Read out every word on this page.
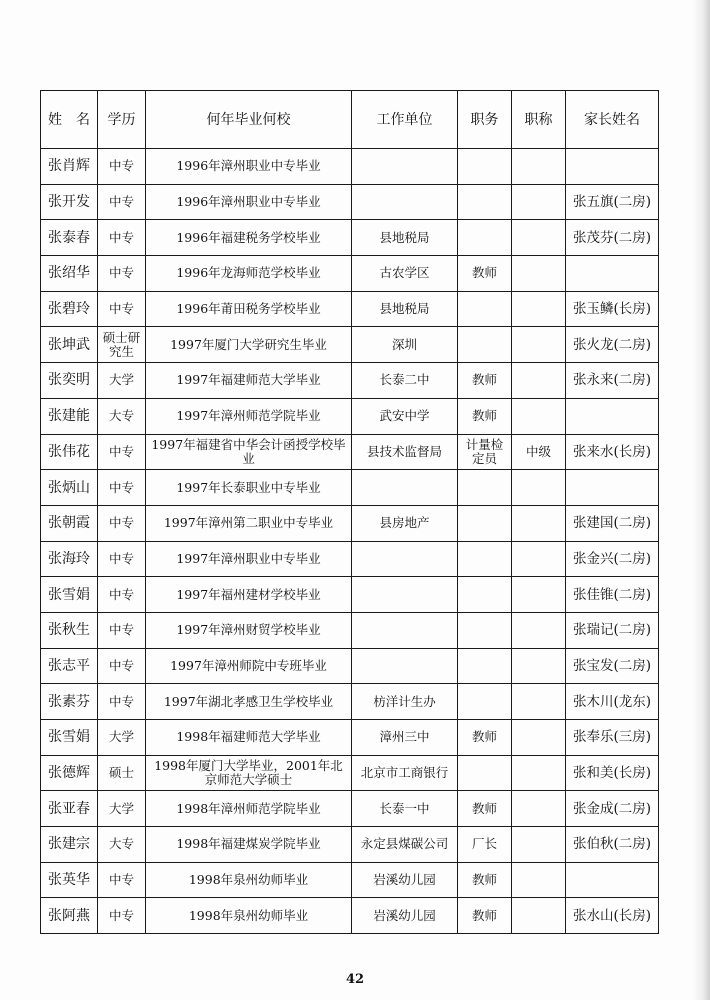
姓　名	学历	何年毕业何校	工作单位	职务	职称	家长姓名
张肖辉	中专	1996年漳州职业中专毕业				
张开发	中专	1996年漳州职业中专毕业				张五旗(二房)
张泰春	中专	1996年福建税务学校毕业	县地税局			张茂芬(二房)
张绍华	中专	1996年龙海师范学校毕业	古农学区	教师		
张碧玲	中专	1996年莆田税务学校毕业	县地税局			张玉鳞(长房)
张坤武	硕士研究生	1997年厦门大学研究生毕业	深圳			张火龙(二房)
张奕明	大学	1997年福建师范大学毕业	长泰二中	教师		张永来(二房)
张建能	大专	1997年漳州师范学院毕业	武安中学	教师		
张伟花	中专	1997年福建省中华会计函授学校毕业	县技术监督局	计量检定员	中级	张来水(长房)
张炳山	中专	1997年长泰职业中专毕业				
张朝霞	中专	1997年漳州第二职业中专毕业	县房地产			张建国(二房)
张海玲	中专	1997年漳州职业中专毕业				张金兴(二房)
张雪娟	中专	1997年福州建材学校毕业				张佳锥(二房)
张秋生	中专	1997年漳州财贸学校毕业				张瑞记(二房)
张志平	中专	1997年漳州师院中专班毕业				张宝发(二房)
张素芬	中专	1997年湖北孝感卫生学校毕业	枋洋计生办			张木川(龙东)
张雪娟	大学	1998年福建师范大学毕业	漳州三中	教师		张奉乐(三房)
张德辉	硕士	1998年厦门大学毕业，2001年北京师范大学硕士	北京市工商银行			张和美(长房)
张亚春	大学	1998年漳州师范学院毕业	长泰一中	教师		张金成(二房)
张建宗	大专	1998年福建煤炭学院毕业	永定县煤碳公司	厂长		张伯秋(二房)
张英华	中专	1998年泉州幼师毕业	岩溪幼儿园	教师		
张阿燕	中专	1998年泉州幼师毕业	岩溪幼儿园	教师		张水山(长房)
42
